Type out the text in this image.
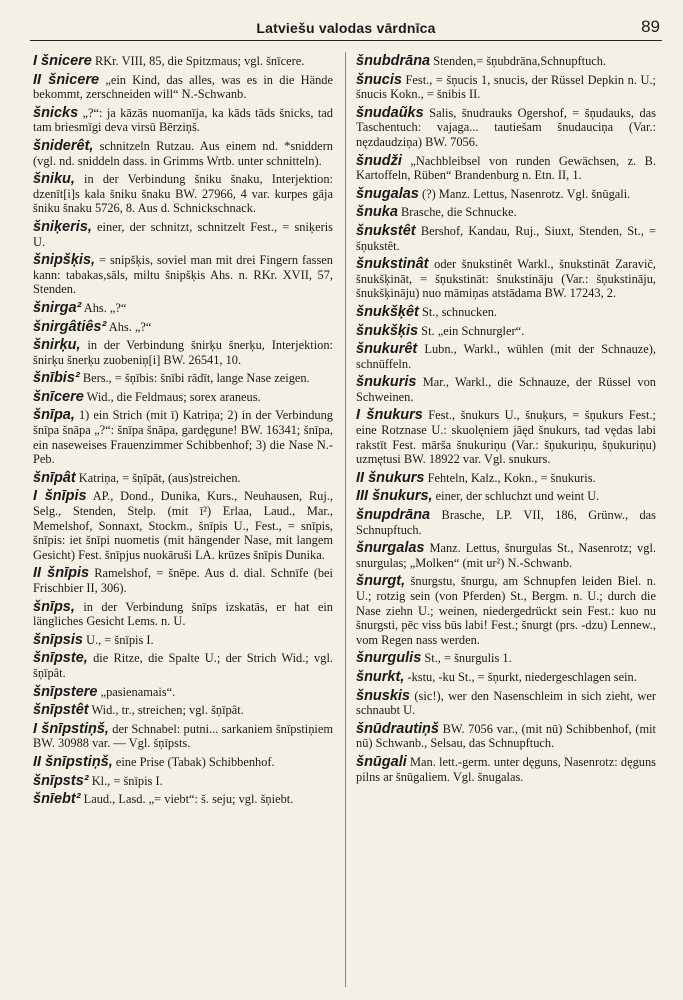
Latviešu valodas vārdnīca	89

I šnicere RKr. VIII, 85, die Spitzmaus; vgl. šnīcere.

II šnicere „ein Kind, das alles, was es in die Hände bekommt, zerschneiden will“ N.-Schwanb.

šnicks „?“: ja kāzās nuomanīja, ka kāds tāds šnicks, tad tam briesmīgi deva virsū Bērziņš.

šniderêt, schnitzeln Rutzau. Aus einem nd. *sniddern (vgl. nd. sniddeln dass. in Grimms Wrtb. unter schnitteln).

šniku, in der Verbindung šniku šnaku, Interjektion: dzenīt[i]s kala šniku šnaku BW. 27966, 4 var. kurpes gāja šniku šnaku 5726, 8. Aus d. Schnickschnack.

šniķeris, einer, der schnitzt, schnitzelt Fest., = sniķeris U.

šnipšķis, = snipšķis, soviel man mit drei Fingern fassen kann: tabakas,sāls, miltu šnipšķis Ahs. n. RKr. XVII, 57, Stenden.

šnirga² Ahs. „?“

šnirgâtiês² Ahs. „?“

šnirķu, in der Verbindung šnirķu šnerķu, Interjektion: šnirķu šnerķu zuobeniņ[i] BW. 26541, 10.

šnībis² Bers., = šņībis: šnībi rādīt, lange Nase zeigen.

šnīcere Wid., die Feldmaus; sorex araneus.

šnīpa, 1) ein Strich (mit ī) Katriņa; 2) in der Verbindung šnīpa šnāpa „?“: šnīpa šnāpa, gardęgune! BW. 16341; šnīpa, ein naseweises Frauenzimmer Schibbenhof; 3) die Nase N.-Peb.

šnīpât Katriņa, = šņīpāt, (aus)streichen.

I šnīpis AP., Dond., Dunika, Kurs., Neuhausen, Ruj., Selg., Stenden, Stelp. (mit ī²) Erlaa, Laud., Mar., Memelshof, Sonnaxt, Stockm., šnīpis U., Fest., = snīpis, šnīpis: iet šnīpi nuometis (mit hängender Nase, mit langem Gesicht) Fest. šnīpjus nuokāruši LA. krūzes šnīpis Dunika.

II šnīpis Ramelshof, = šnēpe. Aus d. dial. Schnīfe (bei Frischbier II, 306).

šnīps, in der Verbindung šnīps izskatās, er hat ein längliches Gesicht Lems. n. U.

šnīpsis U., = šnīpis I.

šnīpste, die Ritze, die Spalte U.; der Strich Wid.; vgl. šņīpât.

šnīpstere „pasienamais“.

šnīpstêt Wid., tr., streichen; vgl. šņīpât.

I šnīpstiņš, der Schnabel: putni... sarkaniem šnīpstiņiem BW. 30988 var. — Vgl. šņīpsts.

II šnīpstiņš, eine Prise (Tabak) Schibbenhof.

šnīpsts² Kl., = šnīpis I.

šnīebt² Laud., Lasd. „= viebt“: š. seju; vgl. šņiebt.

šnubdrāna Stenden,= šņubdrāna,Schnupftuch.

šnucis Fest., = šņucis 1, snucis, der Rüssel Depkin n. U.; šnucis Kokn., = šnibis II.

šnudaũks Salis, šnudrauks Ogershof, = šņudauks, das Taschentuch: vajaga... tautiešam šnudauciņa (Var.: nęzdaudziņa) BW. 7056.

šnudži „Nachbleibsel von runden Gewächsen, z. B. Kartoffeln, Rüben“ Brandenburg n. Etn. II, 1.

šnugalas (?) Manz. Lettus, Nasenrotz. Vgl. šnūgali.

šnuka Brasche, die Schnucke.

šnukstêt Bershof, Kandau, Ruj., Siuxt, Stenden, St., = šņukstêt.

šnukstinât oder šnukstinêt Warkl., šnukstināt Zaravič, šnukšķināt, = šņukstināt: šnukstināju (Var.: šņukstināju, šnukšķināju) nuo māmiņas atstādama BW. 17243, 2.

šnukšķêt St., schnucken.

šnukšķis St. „ein Schnurgler“.

šnukurêt Lubn., Warkl., wühlen (mit der Schnauze), schnüffeln.

šnukuris Mar., Warkl., die Schnauze, der Rüssel von Schweinen.

I šnukurs Fest., šnukurs U., šnuķurs, = šņukurs Fest.; eine Rotznase U.: skuolęniem jāęd šnukurs, tad vędas labi rakstīt Fest. mārša šnukuriņu (Var.: šņukuriņu, šņukuriņu) uzmętusi BW. 18922 var. Vgl. snukurs.

II šnukurs Fehteln, Kalz., Kokn., = šnukuris.

III šnukurs, einer, der schluchzt und weint U.

šnupdrāna Brasche, LP. VII, 186, Grünw., das Schnupftuch.

šnurgalas Manz. Lettus, šnurgulas St., Nasenrotz; vgl. snurgulas; „Molken“ (mit ur²) N.-Schwanb.

šnurgt, šnurgstu, šnurgu, am Schnupfen leiden Biel. n. U.; rotzig sein (von Pferden) St., Bergm. n. U.; durch die Nase ziehn U.; weinen, niedergedrückt sein Fest.: kuo nu šnurgsti, pēc viss būs labi! Fest.; šnurgt (prs. -dzu) Lennew., vom Regen nass werden.

šnurgulis St., = šnurgulis 1.

šnurkt, -kstu, -ku St., = šņurkt, niedergeschlagen sein.

šnuskis (sic!), wer den Nasenschleim in sich zieht, wer schnaubt U.

šnūdrautiņš BW. 7056 var., (mit nū) Schibbenhof, (mit nū) Schwanb., Selsau, das Schnupftuch.

šnūgali Man. lett.-germ. unter dęguns, Nasenrotz: dęguns pilns ar šnūgaliem. Vgl. šnugalas.
